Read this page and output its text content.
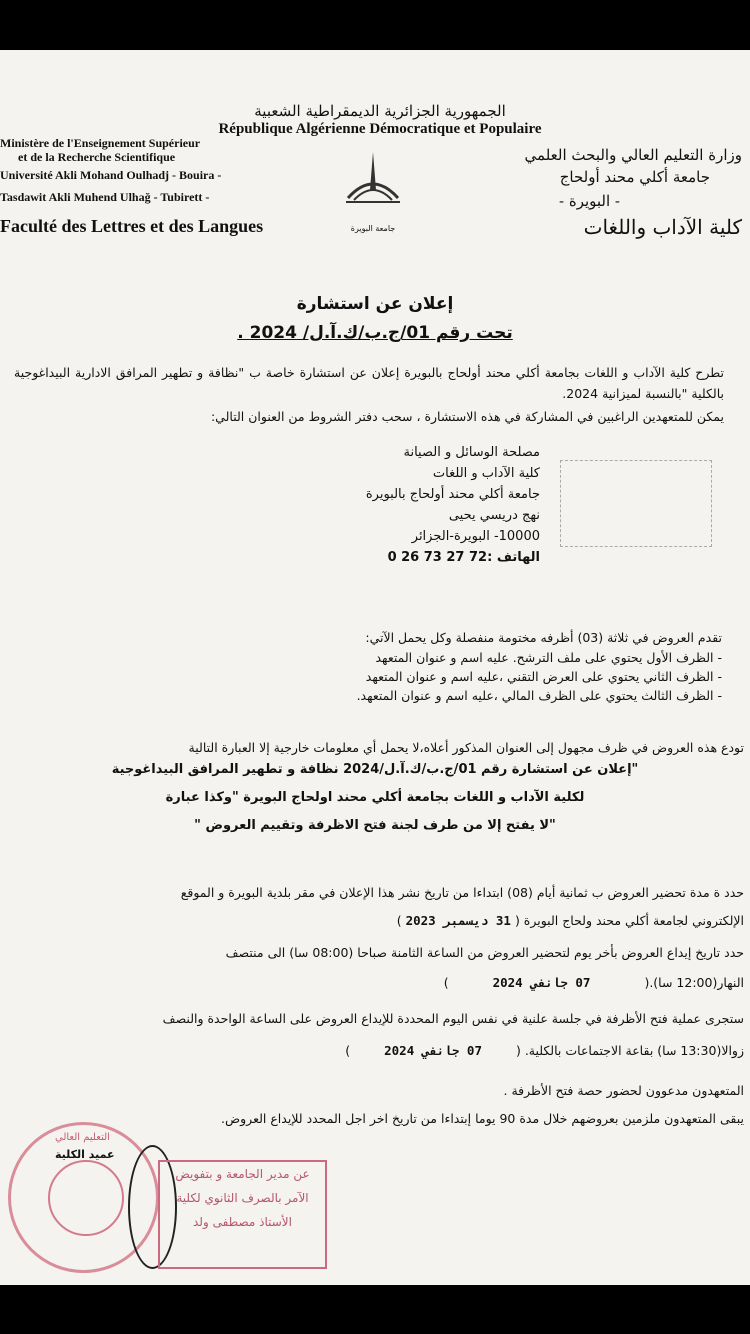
الجمهورية الجزائرية الديمقراطية الشعبية
République Algérienne Démocratique et Populaire
Ministère de l'Enseignement Supérieur
et de la Recherche Scientifique
Université Akli Mohand Oulhadj - Bouira -
Tasdawit Akli Muhend Ulhağ - Tubirett -
Faculté des Lettres et des Langues
وزارة التعليم العالي والبحث العلمي
جامعة أكلي محند أولحاج
- البويرة -
كلية الآداب واللغات
جامعة البويرة
إعلان عن استشارة
تحت رقم 01/ج.ب/ك.آ.ل/ 2024 .
تطرح كلية الآداب و اللغات بجامعة أكلي محند أولحاج بالبويرة إعلان عن استشارة خاصة ب "نظافة و تطهير المرافق الادارية البيداغوجية بالكلية "بالنسبة لميزانية 2024.
يمكن للمتعهدين الراغبين في المشاركة في هذه الاستشارة ، سحب دفتر الشروط من العنوان التالي:
مصلحة الوسائل و الصيانة
كلية الآداب و اللغات
جامعة أكلي محند أولحاج بالبويرة
نهج دريسي يحيى
10000- البويرة-الجزائر
الهاتف :72 27 73 26 0
تقدم العروض في ثلاثة (03) أظرفه مختومة منفصلة وكل يحمل الآتي:
- الظرف الأول يحتوي على ملف الترشح. عليه اسم و عنوان المتعهد
- الظرف الثاني يحتوي على العرض التقني ،عليه اسم و عنوان المتعهد
- الظرف الثالث يحتوي على الظرف المالي ،عليه اسم و عنوان المتعهد.
تودع هذه العروض في ظرف مجهول إلى العنوان المذكور أعلاه،لا يحمل أي معلومات خارجية إلا العبارة التالية
"إعلان عن استشارة رقم 01/ج.ب/ك.آ.ل/2024 نظافة و تطهير المرافق البيداغوجية
لكلية الآداب و اللغات بجامعة أكلي محند اولحاج البويرة "وكذا عبارة
"لا يفتح إلا من طرف لجنة فتح الاظرفة وتقييم العروض "
حدد ة مدة تحضير العروض ب ثمانية أيام (08) ابتداءا من تاريخ نشر هذا الإعلان في مقر بلدية البويرة و الموقع
الإلكتروني لجامعة أكلي محند ولحاج البويرة ( 31 ديسمبر 2023 )
حدد تاريخ إيداع العروض بأخر يوم لتحضير العروض من الساعة الثامنة صباحا (08:00 سا) الى منتصف
النهار(12:00 سا).( 07 جانفي 2024 )
ستجرى عملية فتح الأظرفة في جلسة علنية في نفس اليوم المحددة للإيداع العروض على الساعة الواحدة والنصف
زوالا(13:30 سا) بقاعة الاجتماعات بالكلية. ( 07 جانفي 2024 )
المتعهدون مدعوون لحضور حصة فتح الأظرفة .
يبقى المتعهدون ملزمين بعروضهم خلال مدة 90 يوما إبتداءا من تاريخ اخر اجل المحدد للإيداع العروض.
التعليم العالي
عميد الكلية
عن مدير الجامعة و بتفويض
الآمر بالصرف الثانوي لكلية
الأستاذ مصطفى ولد
